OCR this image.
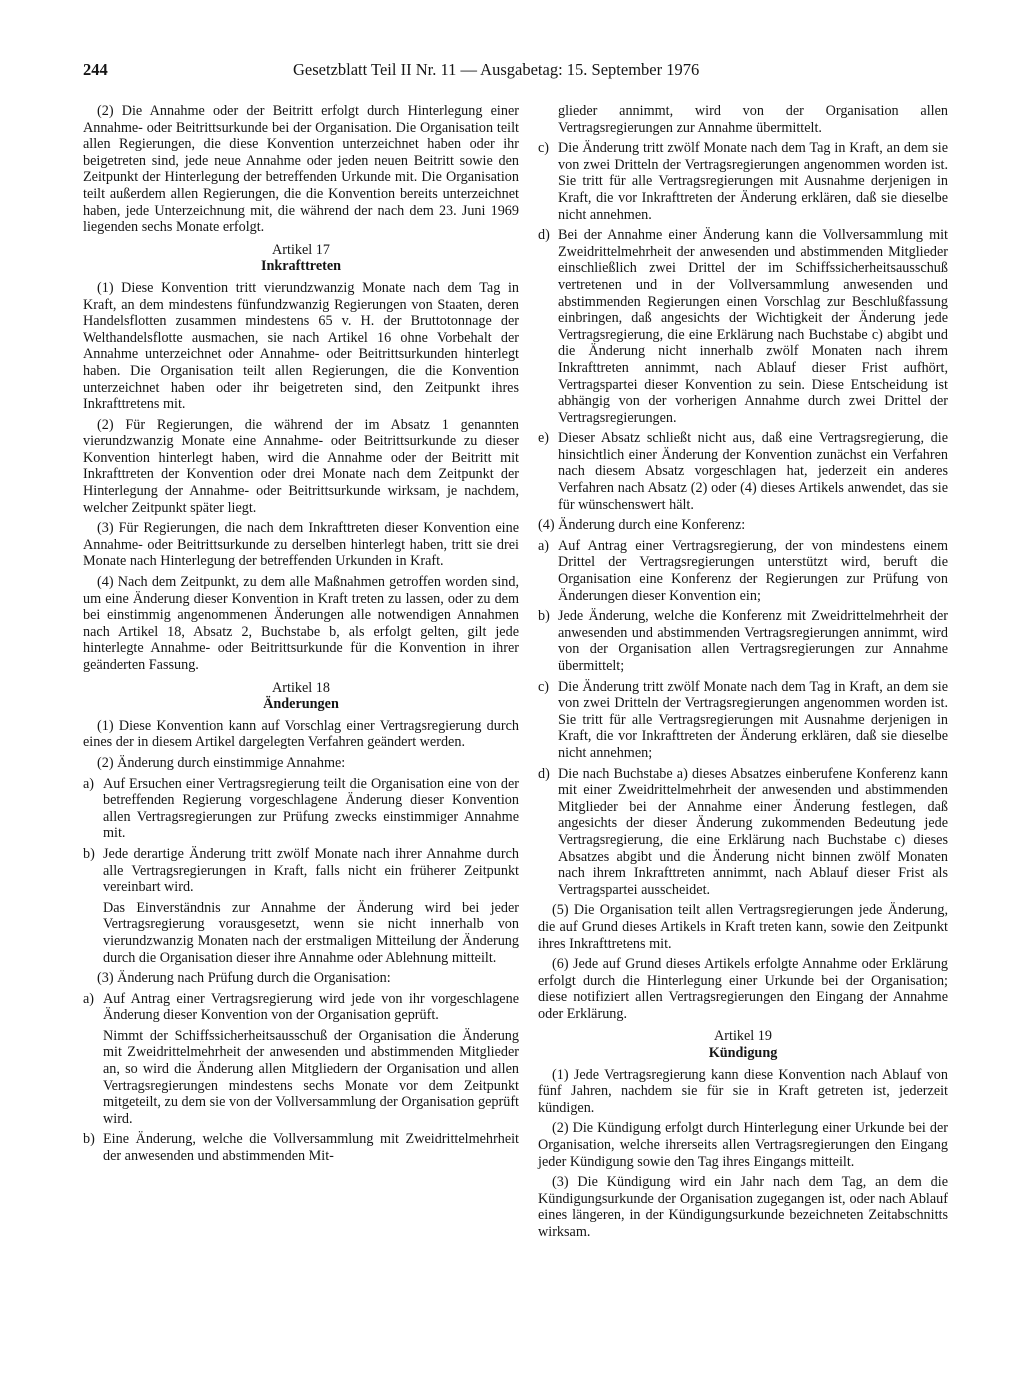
244	Gesetzblatt Teil II Nr. 11 — Ausgabetag: 15. September 1976

(2) Die Annahme oder der Beitritt erfolgt durch Hinterlegung einer Annahme- oder Beitrittsurkunde bei der Organisation. Die Organisation teilt allen Regierungen, die diese Konvention unterzeichnet haben oder ihr beigetreten sind, jede neue Annahme oder jeden neuen Beitritt sowie den Zeitpunkt der Hinterlegung der betreffenden Urkunde mit. Die Organisation teilt außerdem allen Regierungen, die die Konvention bereits unterzeichnet haben, jede Unterzeichnung mit, die während der nach dem 23. Juni 1969 liegenden sechs Monate erfolgt.

Artikel 17
Inkrafttreten

(1) Diese Konvention tritt vierundzwanzig Monate nach dem Tag in Kraft, an dem mindestens fünfundzwanzig Regierungen von Staaten, deren Handelsflotten zusammen mindestens 65 v. H. der Bruttotonnage der Welthandelsflotte ausmachen, sie nach Artikel 16 ohne Vorbehalt der Annahme unterzeichnet oder Annahme- oder Beitrittsurkunden hinterlegt haben. Die Organisation teilt allen Regierungen, die die Konvention unterzeichnet haben oder ihr beigetreten sind, den Zeitpunkt ihres Inkrafttretens mit.

(2) Für Regierungen, die während der im Absatz 1 genannten vierundzwanzig Monate eine Annahme- oder Beitrittsurkunde zu dieser Konvention hinterlegt haben, wird die Annahme oder der Beitritt mit Inkrafttreten der Konvention oder drei Monate nach dem Zeitpunkt der Hinterlegung der Annahme- oder Beitrittsurkunde wirksam, je nachdem, welcher Zeitpunkt später liegt.

(3) Für Regierungen, die nach dem Inkrafttreten dieser Konvention eine Annahme- oder Beitrittsurkunde zu derselben hinterlegt haben, tritt sie drei Monate nach Hinterlegung der betreffenden Urkunden in Kraft.

(4) Nach dem Zeitpunkt, zu dem alle Maßnahmen getroffen worden sind, um eine Änderung dieser Konvention in Kraft treten zu lassen, oder zu dem bei einstimmig angenommenen Änderungen alle notwendigen Annahmen nach Artikel 18, Absatz 2, Buchstabe b, als erfolgt gelten, gilt jede hinterlegte Annahme- oder Beitrittsurkunde für die Konvention in ihrer geänderten Fassung.

Artikel 18
Änderungen

(1) Diese Konvention kann auf Vorschlag einer Vertragsregierung durch eines der in diesem Artikel dargelegten Verfahren geändert werden.

(2) Änderung durch einstimmige Annahme:

a) Auf Ersuchen einer Vertragsregierung teilt die Organisation eine von der betreffenden Regierung vorgeschlagene Änderung dieser Konvention allen Vertragsregierungen zur Prüfung zwecks einstimmiger Annahme mit.
b) Jede derartige Änderung tritt zwölf Monate nach ihrer Annahme durch alle Vertragsregierungen in Kraft, falls nicht ein früherer Zeitpunkt vereinbart wird.
Das Einverständnis zur Annahme der Änderung wird bei jeder Vertragsregierung vorausgesetzt, wenn sie nicht innerhalb von vierundzwanzig Monaten nach der erstmaligen Mitteilung der Änderung durch die Organisation dieser ihre Annahme oder Ablehnung mitteilt.

(3) Änderung nach Prüfung durch die Organisation:

a) Auf Antrag einer Vertragsregierung wird jede von ihr vorgeschlagene Änderung dieser Konvention von der Organisation geprüft.
Nimmt der Schiffssicherheitsausschuß der Organisation die Änderung mit Zweidrittelmehrheit der anwesenden und abstimmenden Mitglieder an, so wird die Änderung allen Mitgliedern der Organisation und allen Vertragsregierungen mindestens sechs Monate vor dem Zeitpunkt mitgeteilt, zu dem sie von der Vollversammlung der Organisation geprüft wird.
b) Eine Änderung, welche die Vollversammlung mit Zweidrittelmehrheit der anwesenden und abstimmenden Mit-
glieder annimmt, wird von der Organisation allen Vertragsregierungen zur Annahme übermittelt.
c) Die Änderung tritt zwölf Monate nach dem Tag in Kraft, an dem sie von zwei Dritteln der Vertragsregierungen angenommen worden ist. Sie tritt für alle Vertragsregierungen mit Ausnahme derjenigen in Kraft, die vor Inkrafttreten der Änderung erklären, daß sie dieselbe nicht annehmen.
d) Bei der Annahme einer Änderung kann die Vollversammlung mit Zweidrittelmehrheit der anwesenden und abstimmenden Mitglieder einschließlich zwei Drittel der im Schiffssicherheitsausschuß vertretenen und in der Vollversammlung anwesenden und abstimmenden Regierungen einen Vorschlag zur Beschlußfassung einbringen, daß angesichts der Wichtigkeit der Änderung jede Vertragsregierung, die eine Erklärung nach Buchstabe c) abgibt und die Änderung nicht innerhalb zwölf Monaten nach ihrem Inkrafttreten annimmt, nach Ablauf dieser Frist aufhört, Vertragspartei dieser Konvention zu sein. Diese Entscheidung ist abhängig von der vorherigen Annahme durch zwei Drittel der Vertragsregierungen.
e) Dieser Absatz schließt nicht aus, daß eine Vertragsregierung, die hinsichtlich einer Änderung der Konvention zunächst ein Verfahren nach diesem Absatz vorgeschlagen hat, jederzeit ein anderes Verfahren nach Absatz (2) oder (4) dieses Artikels anwendet, das sie für wünschenswert hält.

(4) Änderung durch eine Konferenz:

a) Auf Antrag einer Vertragsregierung, der von mindestens einem Drittel der Vertragsregierungen unterstützt wird, beruft die Organisation eine Konferenz der Regierungen zur Prüfung von Änderungen dieser Konvention ein;
b) Jede Änderung, welche die Konferenz mit Zweidrittelmehrheit der anwesenden und abstimmenden Vertragsregierungen annimmt, wird von der Organisation allen Vertragsregierungen zur Annahme übermittelt;
c) Die Änderung tritt zwölf Monate nach dem Tag in Kraft, an dem sie von zwei Dritteln der Vertragsregierungen angenommen worden ist. Sie tritt für alle Vertragsregierungen mit Ausnahme derjenigen in Kraft, die vor Inkrafttreten der Änderung erklären, daß sie dieselbe nicht annehmen;
d) Die nach Buchstabe a) dieses Absatzes einberufene Konferenz kann mit einer Zweidrittelmehrheit der anwesenden und abstimmenden Mitglieder bei der Annahme einer Änderung festlegen, daß angesichts der dieser Änderung zukommenden Bedeutung jede Vertragsregierung, die eine Erklärung nach Buchstabe c) dieses Absatzes abgibt und die Änderung nicht binnen zwölf Monaten nach ihrem Inkrafttreten annimmt, nach Ablauf dieser Frist als Vertragspartei ausscheidet.

(5) Die Organisation teilt allen Vertragsregierungen jede Änderung, die auf Grund dieses Artikels in Kraft treten kann, sowie den Zeitpunkt ihres Inkrafttretens mit.

(6) Jede auf Grund dieses Artikels erfolgte Annahme oder Erklärung erfolgt durch die Hinterlegung einer Urkunde bei der Organisation; diese notifiziert allen Vertragsregierungen den Eingang der Annahme oder Erklärung.

Artikel 19
Kündigung

(1) Jede Vertragsregierung kann diese Konvention nach Ablauf von fünf Jahren, nachdem sie für sie in Kraft getreten ist, jederzeit kündigen.

(2) Die Kündigung erfolgt durch Hinterlegung einer Urkunde bei der Organisation, welche ihrerseits allen Vertragsregierungen den Eingang jeder Kündigung sowie den Tag ihres Eingangs mitteilt.

(3) Die Kündigung wird ein Jahr nach dem Tag, an dem die Kündigungsurkunde der Organisation zugegangen ist, oder nach Ablauf eines längeren, in der Kündigungsurkunde bezeichneten Zeitabschnitts wirksam.
